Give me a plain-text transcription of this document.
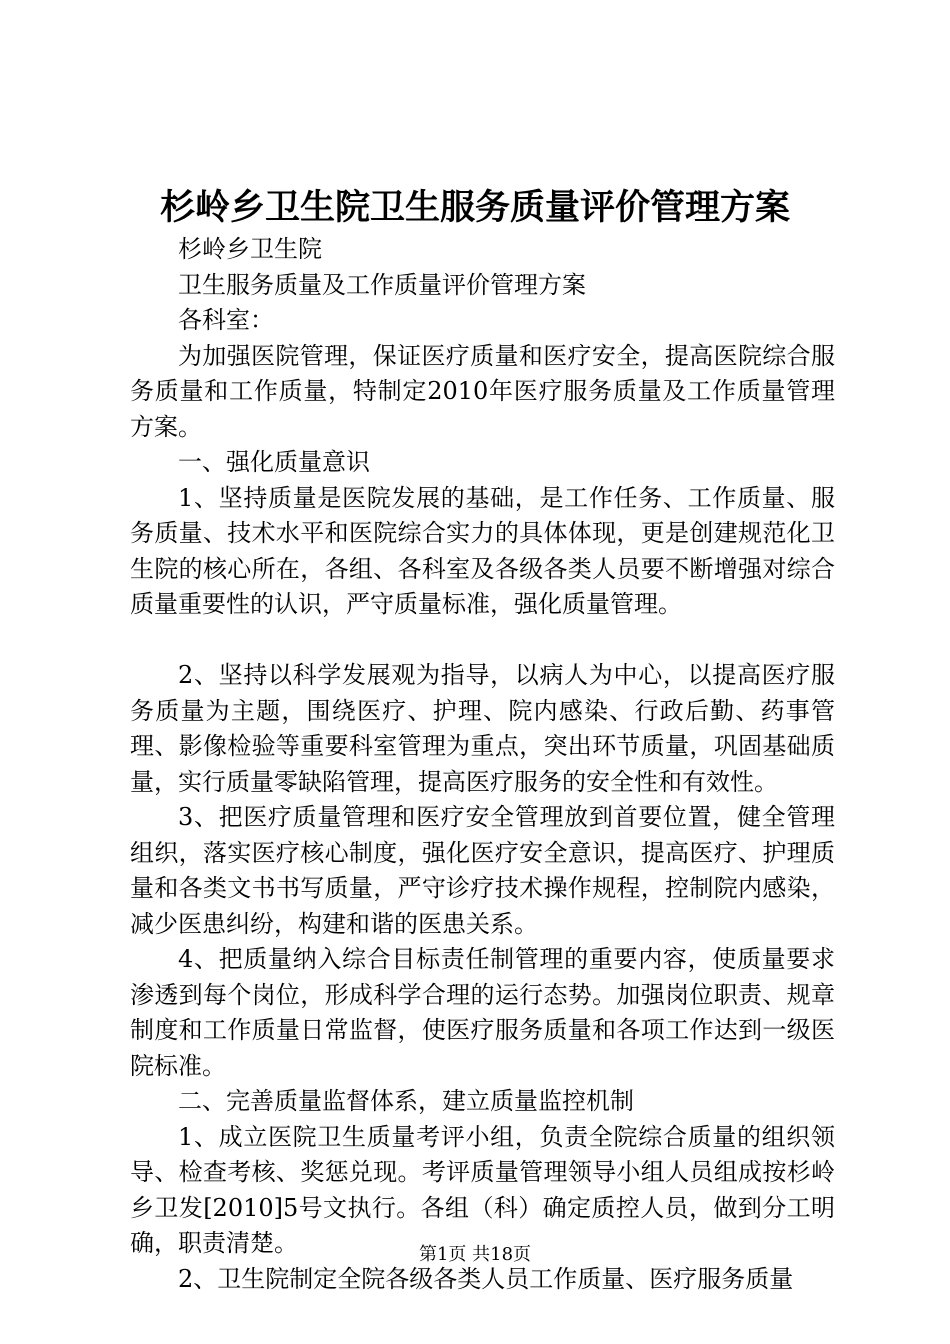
杉岭乡卫生院卫生服务质量评价管理方案

杉岭乡卫生院

卫生服务质量及工作质量评价管理方案

各科室：

为加强医院管理，保证医疗质量和医疗安全，提高医院综合服务质量和工作质量，特制定2010年医疗服务质量及工作质量管理方案。

一、强化质量意识

1、坚持质量是医院发展的基础，是工作任务、工作质量、服务质量、技术水平和医院综合实力的具体体现，更是创建规范化卫生院的核心所在，各组、各科室及各级各类人员要不断增强对综合质量重要性的认识，严守质量标准，强化质量管理。

2、坚持以科学发展观为指导，以病人为中心，以提高医疗服务质量为主题，围绕医疗、护理、院内感染、行政后勤、药事管理、影像检验等重要科室管理为重点，突出环节质量，巩固基础质量，实行质量零缺陷管理，提高医疗服务的安全性和有效性。

3、把医疗质量管理和医疗安全管理放到首要位置，健全管理组织，落实医疗核心制度，强化医疗安全意识，提高医疗、护理质量和各类文书书写质量，严守诊疗技术操作规程，控制院内感染，减少医患纠纷，构建和谐的医患关系。

4、把质量纳入综合目标责任制管理的重要内容，使质量要求渗透到每个岗位，形成科学合理的运行态势。加强岗位职责、规章制度和工作质量日常监督，使医疗服务质量和各项工作达到一级医院标准。

二、完善质量监督体系，建立质量监控机制

1、成立医院卫生质量考评小组，负责全院综合质量的组织领导、检查考核、奖惩兑现。考评质量管理领导小组人员组成按杉岭乡卫发[2010]5号文执行。各组（科）确定质控人员，做到分工明确，职责清楚。

2、卫生院制定全院各级各类人员工作质量、医疗服务质量

第1页 共18页
